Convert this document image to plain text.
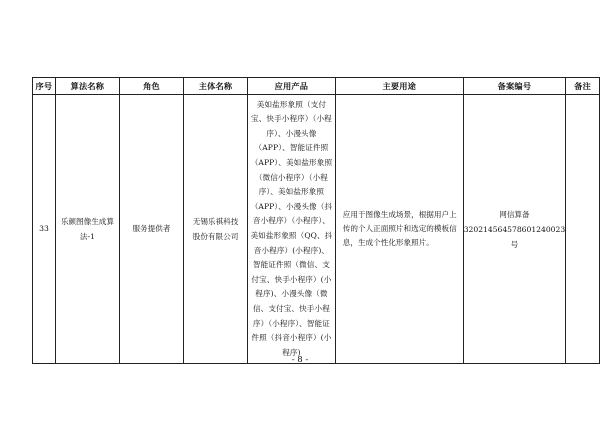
序号	算法名称	角色	主体名称	应用产品	主要用途	备案编号	备注
33	乐颜图像生成算法-1	服务提供者	无锡乐祺科技股份有限公司	美如盐形象照（支付宝、快手小程序）（小程序）、小漫头像（APP）、智能证件照（APP）、美如盐形象照（微信小程序）（小程序）、美如盐形象照（APP）、小漫头像（抖音小程序）（小程序）、美如盐形象照（QQ、抖音小程序）(小程序)、智能证件照（微信、支付宝、快手小程序）(小程序)、小漫头像（微信、支付宝、快手小程序）（小程序）、智能证件照（抖音小程序）(小程序)	应用于图像生成场景，根据用户上传的个人正面照片和选定的模板信息，生成个性化形象照片。	网信算备320214564578601240023号	

- 8 -
